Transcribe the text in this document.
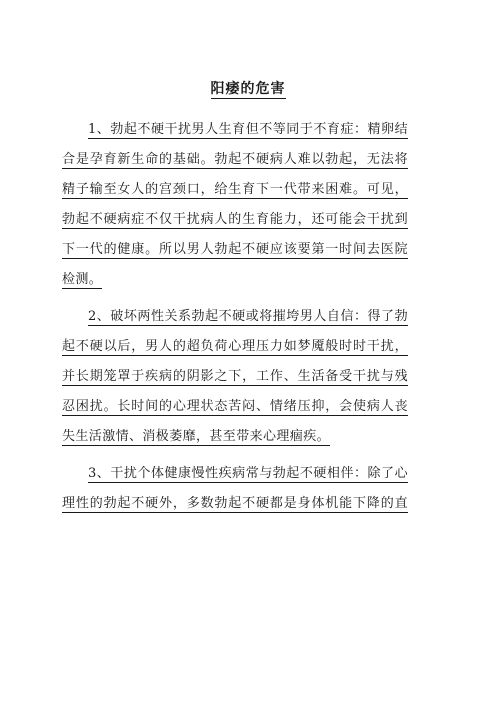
阳痿的危害
1、勃起不硬干扰男人生育但不等同于不育症：精卵结
合是孕育新生命的基础。勃起不硬病人难以勃起，无法将
精子输至女人的宫颈口，给生育下一代带来困难。可见，
勃起不硬病症不仅干扰病人的生育能力，还可能会干扰到
下一代的健康。所以男人勃起不硬应该要第一时间去医院
检测。
2、破坏两性关系勃起不硬或将摧垮男人自信：得了勃
起不硬以后，男人的超负荷心理压力如梦魇般时时干扰，
并长期笼罩于疾病的阴影之下，工作、生活备受干扰与残
忍困扰。长时间的心理状态苦闷、情绪压抑，会使病人丧
失生活激情、消极萎靡，甚至带来心理痼疾。
3、干扰个体健康慢性疾病常与勃起不硬相伴：除了心
理性的勃起不硬外，多数勃起不硬都是身体机能下降的直
